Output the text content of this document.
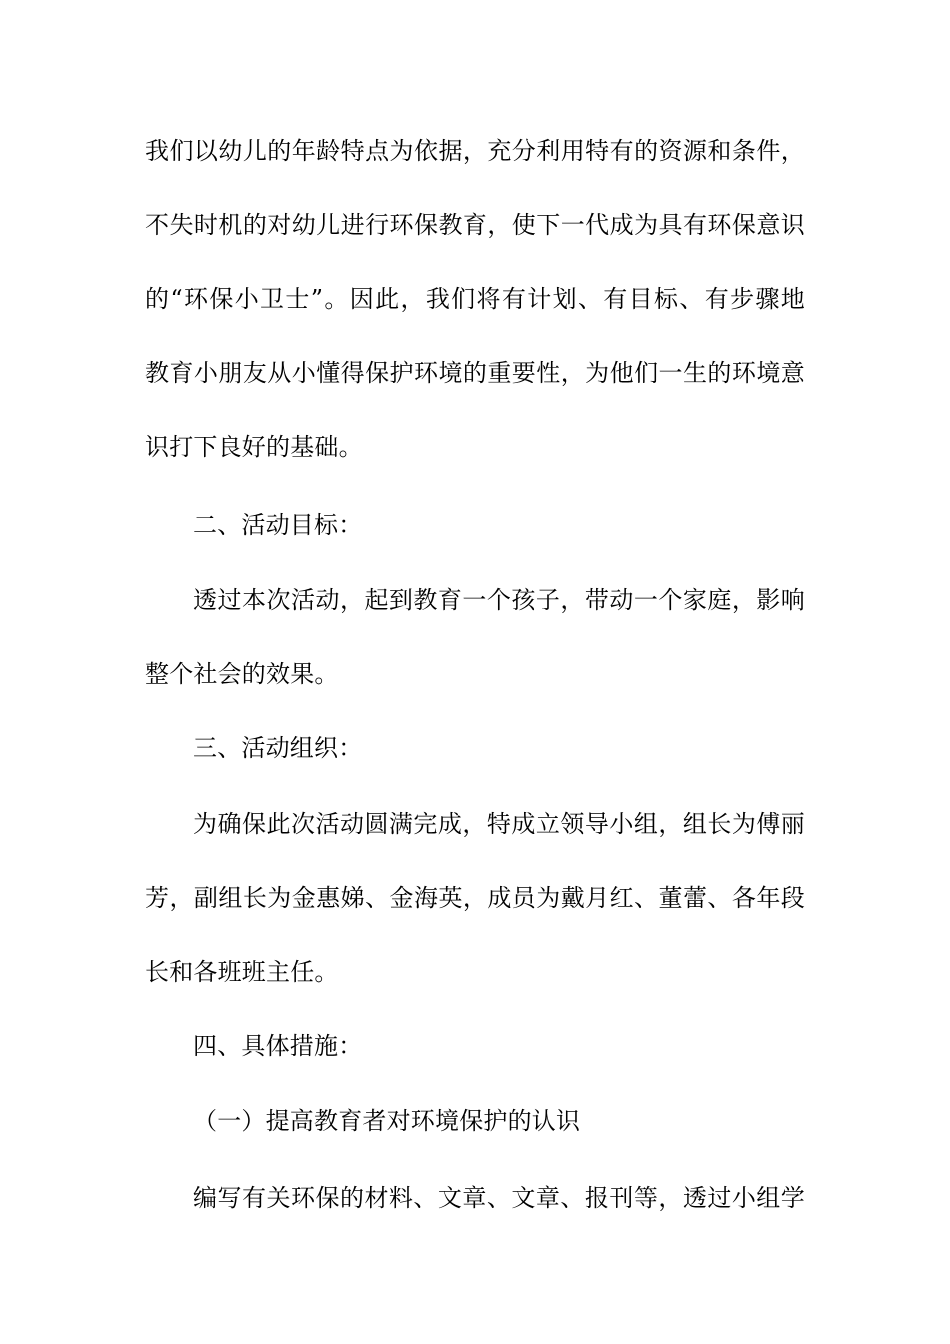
我们以幼儿的年龄特点为依据，充分利用特有的资源和条件，
不失时机的对幼儿进行环保教育，使下一代成为具有环保意识
的“环保小卫士”。因此，我们将有计划、有目标、有步骤地
教育小朋友从小懂得保护环境的重要性，为他们一生的环境意
识打下良好的基础。
二、活动目标：
透过本次活动，起到教育一个孩子，带动一个家庭，影响
整个社会的效果。
三、活动组织：
为确保此次活动圆满完成，特成立领导小组，组长为傅丽
芳，副组长为金惠娣、金海英，成员为戴月红、董蕾、各年段
长和各班班主任。
四、具体措施：
（一）提高教育者对环境保护的认识
编写有关环保的材料、文章、文章、报刊等，透过小组学
